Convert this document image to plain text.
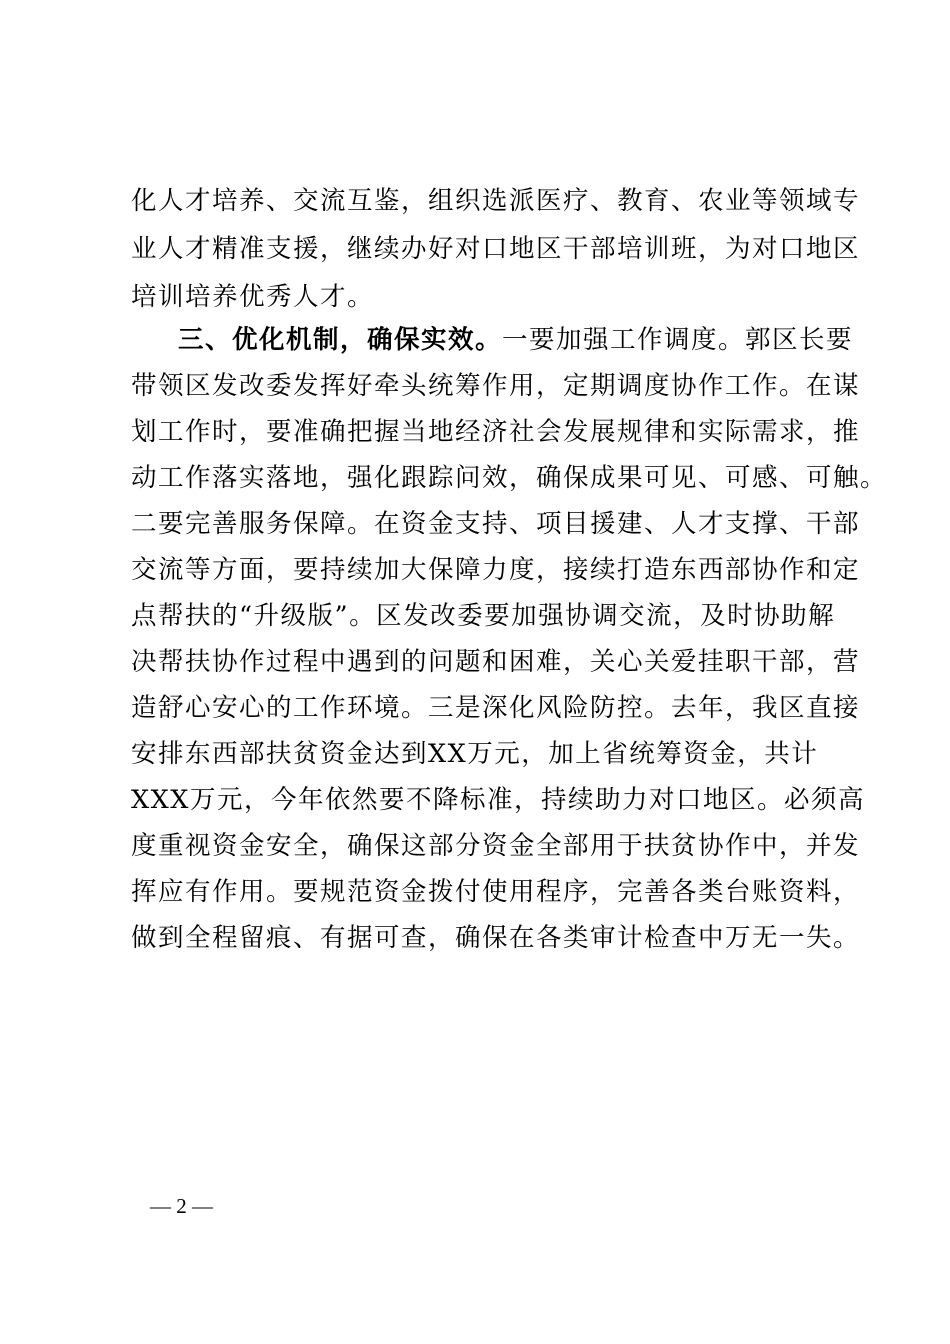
化人才培养、交流互鉴，组织选派医疗、教育、农业等领域专
业人才精准支援，继续办好对口地区干部培训班，为对口地区
培训培养优秀人才。
三、优化机制，确保实效。一要加强工作调度。郭区长要
带领区发改委发挥好牵头统筹作用，定期调度协作工作。在谋
划工作时，要准确把握当地经济社会发展规律和实际需求，推
动工作落实落地，强化跟踪问效，确保成果可见、可感、可触。
二要完善服务保障。在资金支持、项目援建、人才支撑、干部
交流等方面，要持续加大保障力度，接续打造东西部协作和定
点帮扶的“升级版”。区发改委要加强协调交流，及时协助解
决帮扶协作过程中遇到的问题和困难，关心关爱挂职干部，营
造舒心安心的工作环境。三是深化风险防控。去年，我区直接
安排东西部扶贫资金达到XX万元，加上省统筹资金，共计
XXX万元，今年依然要不降标准，持续助力对口地区。必须高
度重视资金安全，确保这部分资金全部用于扶贫协作中，并发
挥应有作用。要规范资金拨付使用程序，完善各类台账资料，
做到全程留痕、有据可查，确保在各类审计检查中万无一失。
— 2 —
